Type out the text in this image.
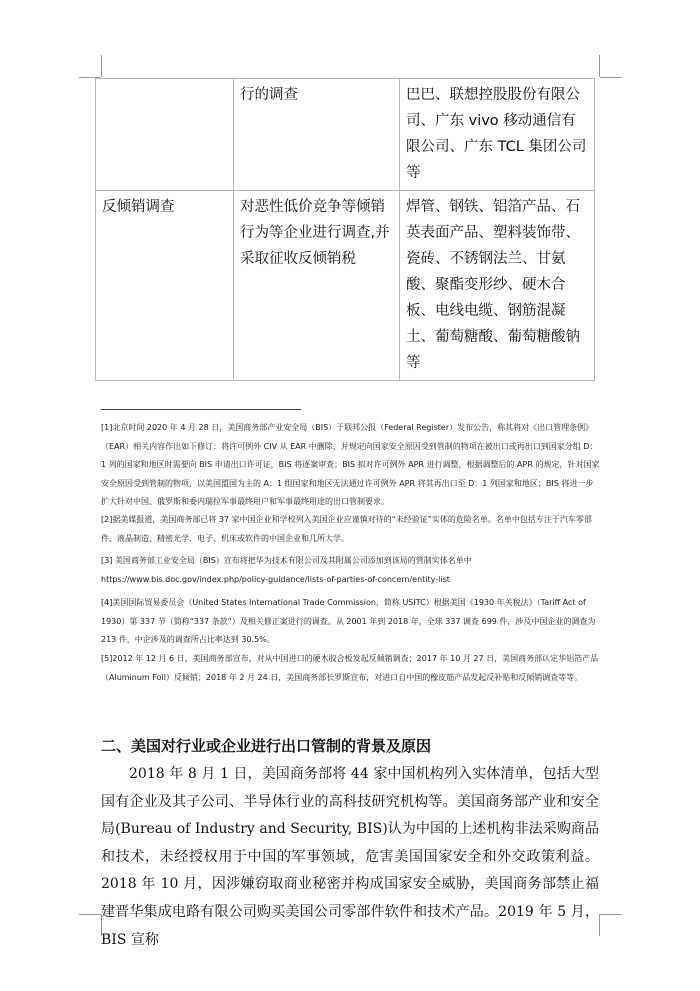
	行的调查	巴巴、联想控股股份有限公司、广东 vivo 移动通信有限公司、广东 TCL 集团公司等
反倾销调查	对恶性低价竞争等倾销行为等企业进行调查,并采取征收反倾销税	焊管、钢铁、铝箔产品、石英表面产品、塑料装饰带、瓷砖、不锈钢法兰、甘氨酸、聚酯变形纱、硬木合板、电线电缆、钢筋混凝土、葡萄糖酸、葡萄糖酸钠等
[1]北京时间 2020 年 4 月 28 日，美国商务部产业安全局（BIS）于联邦公报（Federal Register）发布公告，称其将对《出口管理条例》（EAR）相关内容作出如下修订：将许可例外 CIV 从 EAR 中删除，并规定向国家安全原因受到管制的物项在被出口或再出口到国家分组 D：1 列的国家和地区时需要向 BIS 申请出口许可证，BIS 将逐案审查；BIS 拟对许可例外 APR 进行调整，根据调整后的 APR 的规定，针对国家安全原因受到管制的物项，以美国盟国为主的 A：1 组国家和地区无法通过许可例外 APR 将其再出口至 D：1 列国家和地区；BIS 将进一步扩大针对中国、俄罗斯和委内瑞拉军事最终用户和军事最终用途的出口管制要求。
[2]据美媒报道，美国商务部已将 37 家中国企业和学校列入美国企业应谨慎对待的“未经验证”实体的危险名单。名单中包括专注于汽车零部件、液晶制造、精密光学、电子、机床或软件的中国企业和几所大学。
[3] 美国商务部工业安全局（BIS）宣布将把华为技术有限公司及其附属公司添加到该局的管制实体名单中 https://www.bis.doc.gov/index.php/policy-guidance/lists-of-parties-of-concern/entity-list
[4]美国国际贸易委员会（United States International Trade Commission，简称 USITC）根据美国《1930 年关税法》（Tariff Act of 1930）第 337 节（简称“337 条款”）及相关修正案进行的调查。从 2001 年到 2018 年，全球 337 调查 699 件，涉及中国企业的调查为 213 件，中企涉及的调查所占比率达到 30.5%。
[5]2012 年 12 月 6 日，美国商务部宣布，对从中国进口的硬木胶合板发起反倾销调查；2017 年 10 月 27 日，美国商务部认定华铝箔产品（Aluminum Foil）反倾销；2018 年 2 月 24 日，美国商务部长罗斯宣布，对进口自中国的橡皮筋产品发起反补贴和反倾销调查等等。
二、美国对行业或企业进行出口管制的背景及原因

2018 年 8 月 1 日，美国商务部将 44 家中国机构列入实体清单，包括大型国有企业及其子公司、半导体行业的高科技研究机构等。美国商务部产业和安全局(Bureau of Industry and Security, BIS)认为中国的上述机构非法采购商品和技术，未经授权用于中国的军事领域，危害美国国家安全和外交政策利益。2018 年 10 月，因涉嫌窃取商业秘密并构成国家安全威胁，美国商务部禁止福建晋华集成电路有限公司购买美国公司零部件软件和技术产品。2019 年 5 月，BIS 宣称
